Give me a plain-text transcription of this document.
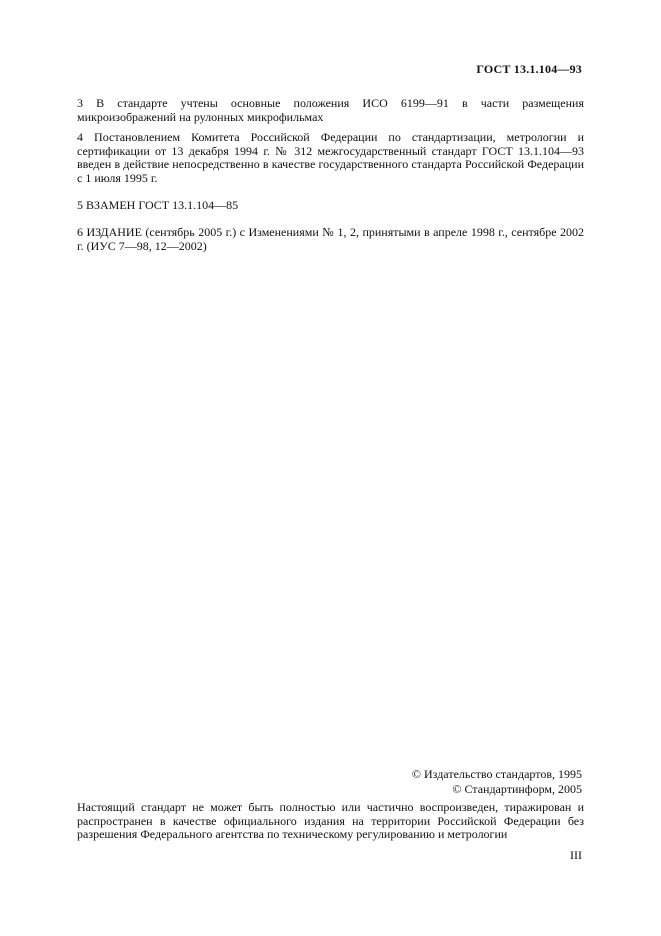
ГОСТ 13.1.104—93
3 В стандарте учтены основные положения ИСО 6199—91 в части размещения микроизображений на рулонных микрофильмах
4 Постановлением Комитета Российской Федерации по стандартизации, метрологии и сертификации от 13 декабря 1994 г. № 312 межгосударственный стандарт ГОСТ 13.1.104—93 введен в действие непосредственно в качестве государственного стандарта Российской Федерации с 1 июля 1995 г.
5 ВЗАМЕН ГОСТ 13.1.104—85
6 ИЗДАНИЕ (сентябрь 2005 г.) с Изменениями № 1, 2, принятыми в апреле 1998 г., сентябре 2002 г. (ИУС 7—98, 12—2002)
© Издательство стандартов, 1995
© Стандартинформ, 2005
Настоящий стандарт не может быть полностью или частично воспроизведен, тиражирован и распространен в качестве официального издания на территории Российской Федерации без разрешения Федерального агентства по техническому регулированию и метрологии
III
